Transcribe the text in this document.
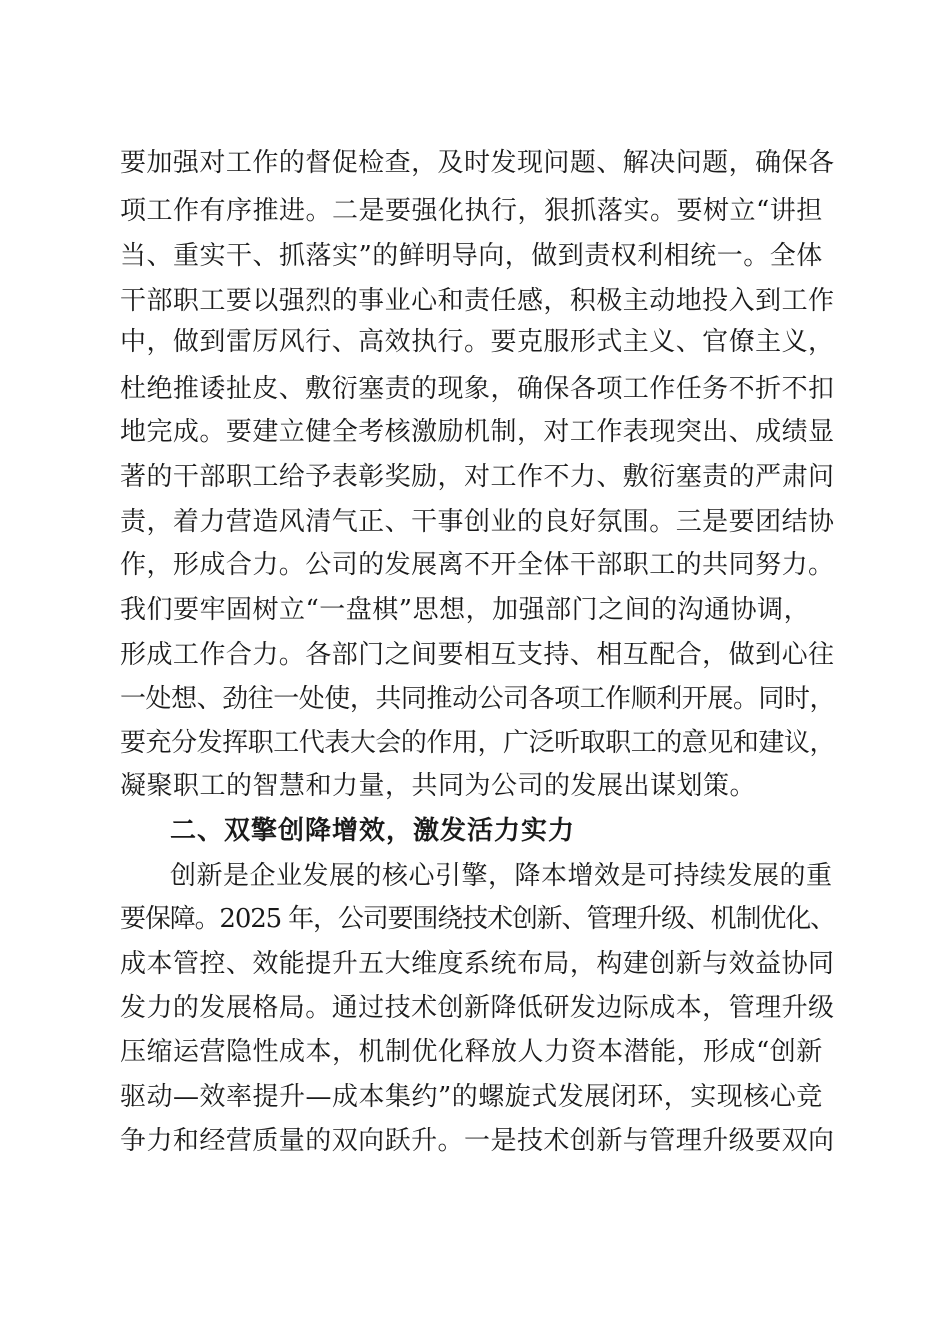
要加强对工作的督促检查，及时发现问题、解决问题，确保各
项工作有序推进。二是要强化执行，狠抓落实。要树立“讲担
当、重实干、抓落实”的鲜明导向，做到责权利相统一。全体
干部职工要以强烈的事业心和责任感，积极主动地投入到工作
中，做到雷厉风行、高效执行。要克服形式主义、官僚主义，
杜绝推诿扯皮、敷衍塞责的现象，确保各项工作任务不折不扣
地完成。要建立健全考核激励机制，对工作表现突出、成绩显
著的干部职工给予表彰奖励，对工作不力、敷衍塞责的严肃问
责，着力营造风清气正、干事创业的良好氛围。三是要团结协
作，形成合力。公司的发展离不开全体干部职工的共同努力。
我们要牢固树立“一盘棋”思想，加强部门之间的沟通协调，
形成工作合力。各部门之间要相互支持、相互配合，做到心往
一处想、劲往一处使，共同推动公司各项工作顺利开展。同时，
要充分发挥职工代表大会的作用，广泛听取职工的意见和建议，
凝聚职工的智慧和力量，共同为公司的发展出谋划策。
二、双擎创降增效，激发活力实力
创新是企业发展的核心引擎，降本增效是可持续发展的重
要保障。2025 年，公司要围绕技术创新、管理升级、机制优化、
成本管控、效能提升五大维度系统布局，构建创新与效益协同
发力的发展格局。通过技术创新降低研发边际成本，管理升级
压缩运营隐性成本，机制优化释放人力资本潜能，形成“创新
驱动—效率提升—成本集约”的螺旋式发展闭环，实现核心竞
争力和经营质量的双向跃升。一是技术创新与管理升级要双向
